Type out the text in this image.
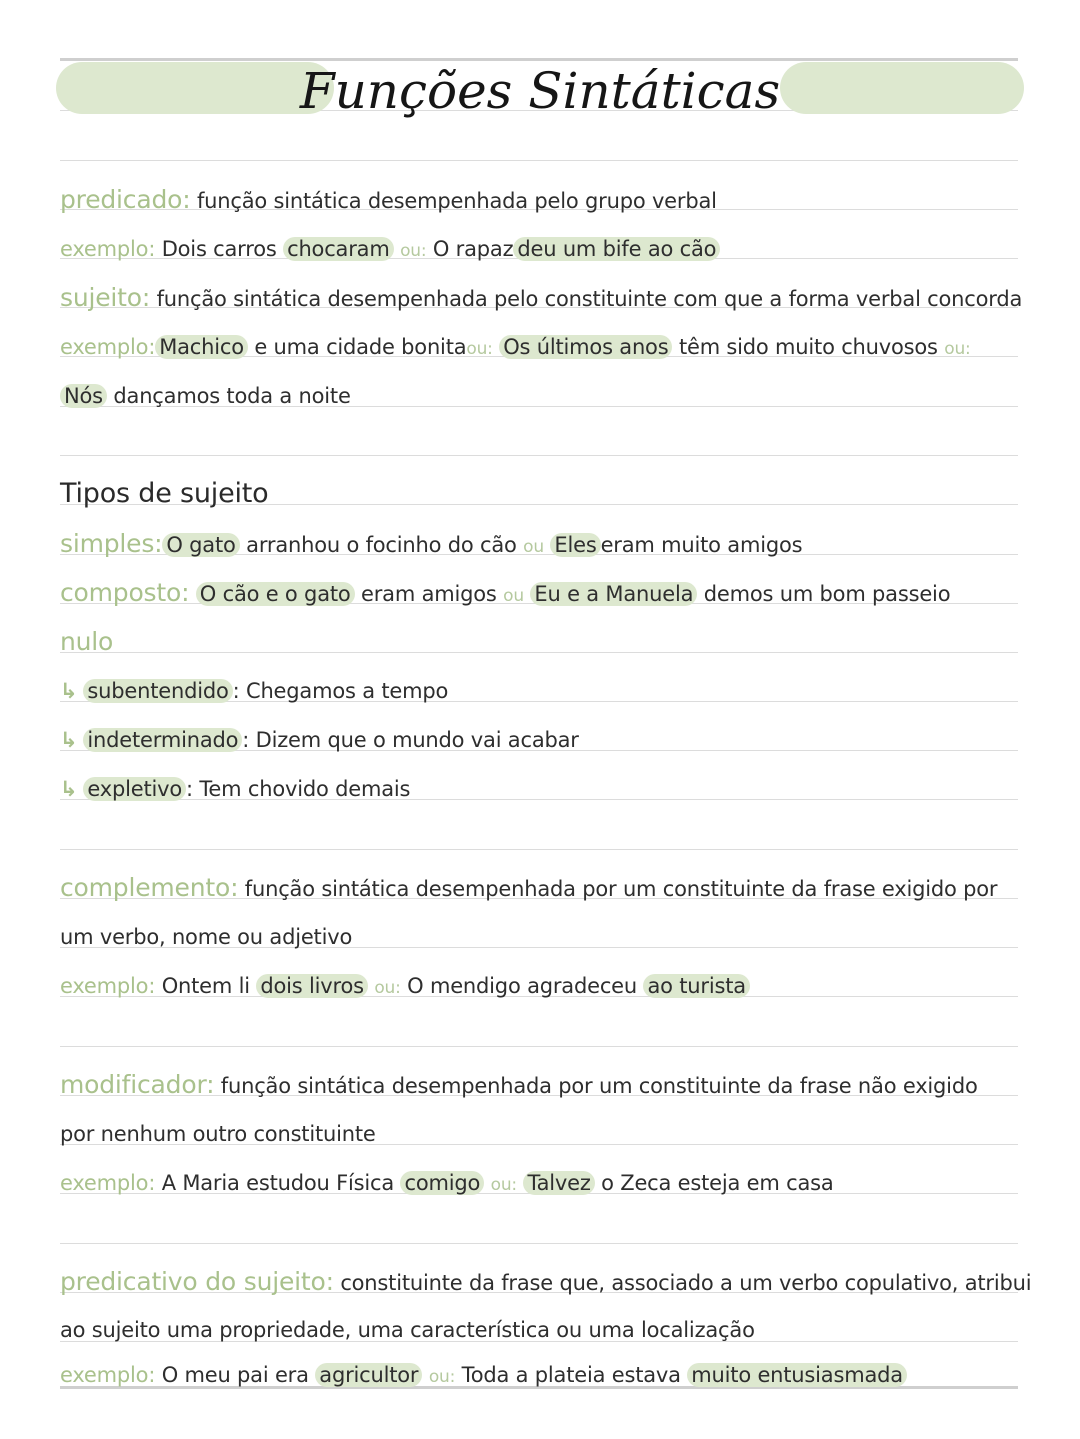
Funções Sintáticas
predicado: função sintática desempenhada pelo grupo verbal
exemplo: Dois carros chocaram ou: O rapaz deu um bife ao cão
sujeito: função sintática desempenhada pelo constituinte com que a forma verbal concorda
exemplo: Machico e uma cidade bonitaou: Os últimos anos têm sido muito chuvosos ou:
Nós dançamos toda a noite
Tipos de sujeito
simples: O gato arranhou o focinho do cão ou Eles eram muito amigos
composto: O cão e o gato eram amigos ou Eu e a Manuela demos um bom passeio
nulo
↳ subentendido : Chegamos a tempo
↳ indeterminado : Dizem que o mundo vai acabar
↳ expletivo : Tem chovido demais
complemento: função sintática desempenhada por um constituinte da frase exigido por
um verbo, nome ou adjetivo
exemplo: Ontem li dois livros ou: O mendigo agradeceu ao turista
modificador: função sintática desempenhada por um constituinte da frase não exigido
por nenhum outro constituinte
exemplo: A Maria estudou Física comigo ou: Talvez o Zeca esteja em casa
predicativo do sujeito: constituinte da frase que, associado a um verbo copulativo, atribui
ao sujeito uma propriedade, uma característica ou uma localização
exemplo: O meu pai era agricultor ou: Toda a plateia estava muito entusiasmada
